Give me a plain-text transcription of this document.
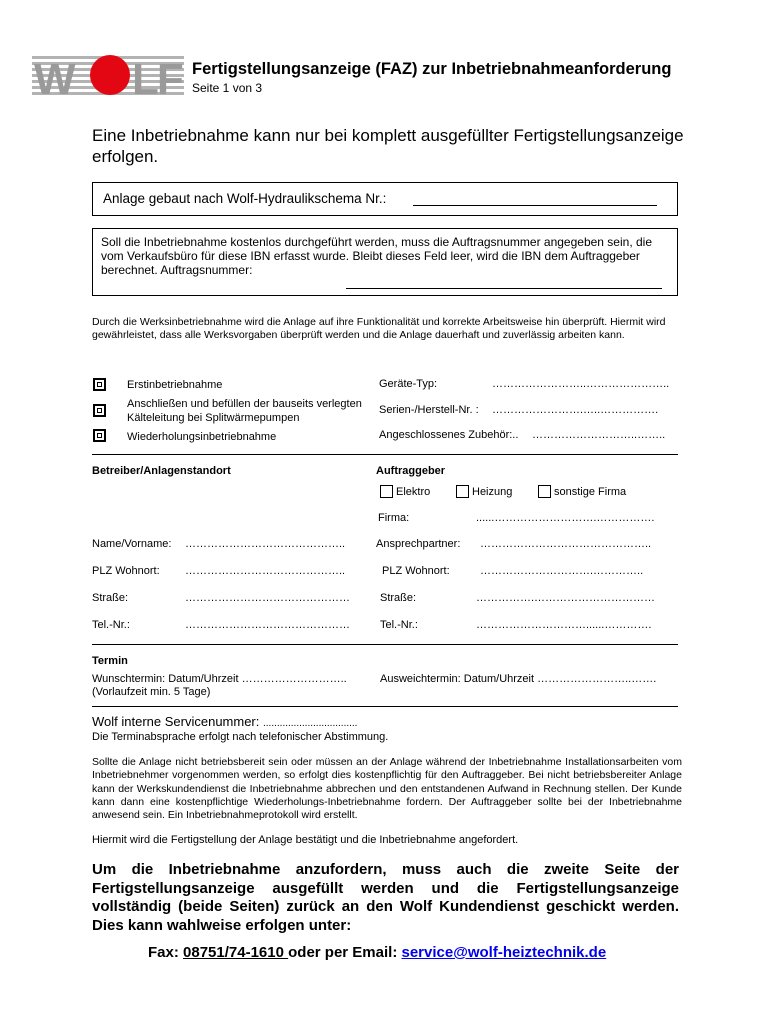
W LF Fertigstellungsanzeige (FAZ) zur Inbetriebnahmeanforderung
Seite 1 von 3
Eine Inbetriebnahme kann nur bei komplett ausgefüllter Fertigstellungsanzeige erfolgen.
Anlage gebaut nach Wolf-Hydraulikschema Nr.:
Soll die Inbetriebnahme kostenlos durchgeführt werden, muss die Auftragsnummer angegeben sein, die vom Verkaufsbüro für diese IBN erfasst wurde. Bleibt dieses Feld leer, wird die IBN dem Auftraggeber berechnet. Auftragsnummer:
Durch die Werksinbetriebnahme wird die Anlage auf ihre Funktionalität und korrekte Arbeitsweise hin überprüft. Hiermit wird gewährleistet, dass alle Werksvorgaben überprüft werden und die Anlage dauerhaft und zuverlässig arbeiten kann.
Erstinbetriebnahme	Geräte-Typ:	……………………..…………………..
Anschließen und befüllen der bauseits verlegten Kälteleitung bei Splitwärmepumpen
Serien-/Herstell-Nr. : …………………….…..…………….
Wiederholungsinbetriebnahme	Angeschlossenes Zubehör:.. ………………………..……..
Betreiber/Anlagenstandort	Auftraggeber
Elektro	Heizung	sonstige Firma
Firma:	......……………………….…………….
Name/Vorname: ……………………………………..	Ansprechpartner: ………………………………………..
PLZ Wohnort: ……………………………………..	PLZ Wohnort:	………………………….…………..
Straße:	………………………………………	Straße:	…………….……………………………
Tel.-Nr.:	………………………………………	Tel.-Nr.:	…………………………......………….
Termin
Wunschtermin: Datum/Uhrzeit ………………………..
(Vorlaufzeit min. 5 Tage)
Ausweichtermin: Datum/Uhrzeit ……………………..…….
Wolf interne Servicenummer: ..................................
Die Terminabsprache erfolgt nach telefonischer Abstimmung.
Sollte die Anlage nicht betriebsbereit sein oder müssen an der Anlage während der Inbetriebnahme Installationsarbeiten vom Inbetriebnehmer vorgenommen werden, so erfolgt dies kostenpflichtig für den Auftraggeber. Bei nicht betriebsbereiter Anlage kann der Werkskundendienst die Inbetriebnahme abbrechen und den entstandenen Aufwand in Rechnung stellen. Der Kunde kann dann eine kostenpflichtige Wiederholungs-Inbetriebnahme fordern. Der Auftraggeber sollte bei der Inbetriebnahme anwesend sein. Ein Inbetriebnahmeprotokoll wird erstellt.
Hiermit wird die Fertigstellung der Anlage bestätigt und die Inbetriebnahme angefordert.
Um die Inbetriebnahme anzufordern, muss auch die zweite Seite der Fertigstellungsanzeige ausgefüllt werden und die Fertigstellungsanzeige vollständig (beide Seiten) zurück an den Wolf Kundendienst geschickt werden. Dies kann wahlweise erfolgen unter:
Fax: 08751/74-1610 oder per Email: service@wolf-heiztechnik.de
